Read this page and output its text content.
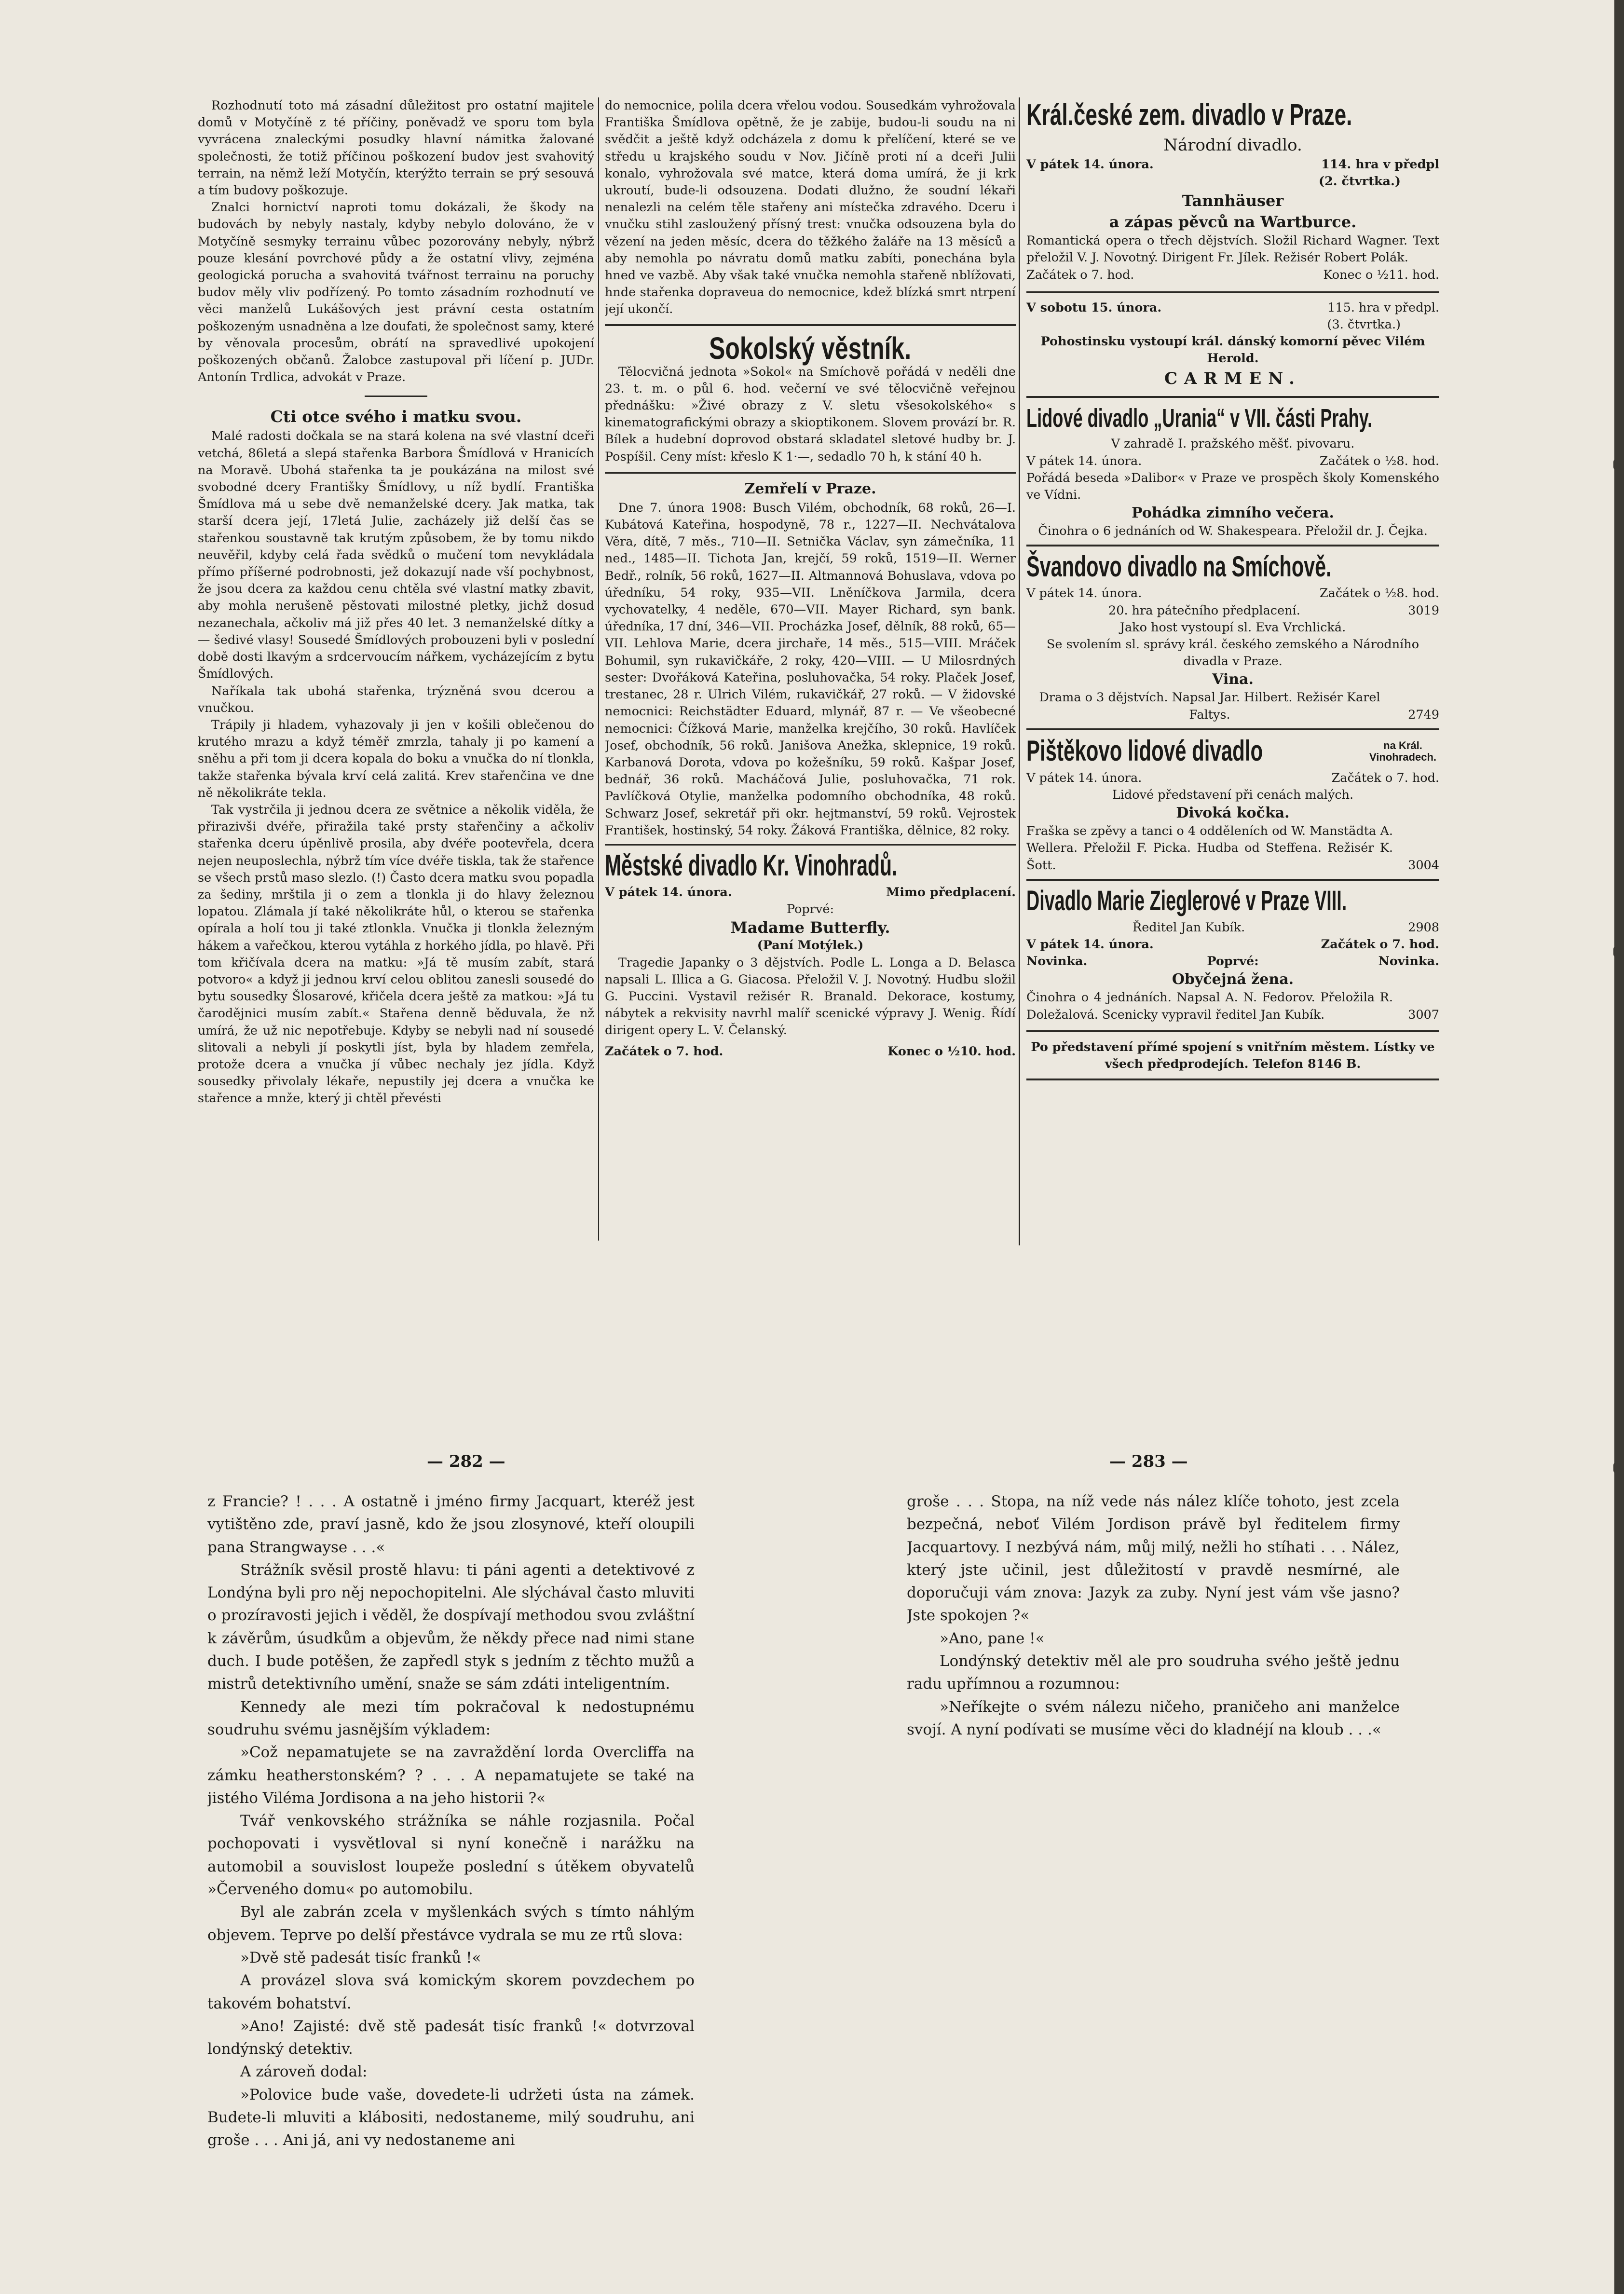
Rozhodnutí toto má zásadní důležitost pro ostatní majitele domů v Motyčíně z té příčiny, poněvadž ve sporu tom byla vyvrácena znaleckými posudky hlavní námitka žalované společnosti, že totiž příčinou poškození budov jest svahovitý terrain, na němž leží Motyčín, kterýžto terrain se prý sesouvá a tím budovy poškozuje.

Znalci hornictví naproti tomu dokázali, že škody na budovách by nebyly nastaly, kdyby nebylo dolováno, že v Motyčíně sesmyky terrainu vůbec pozorovány nebyly, nýbrž pouze klesání povrchové půdy a že ostatní vlivy, zejména geologická porucha a svahovitá tvářnost terrainu na poruchy budov měly vliv podřízený. Po tomto zásadním rozhodnutí ve věci manželů Lukášových jest právní cesta ostatním poškozeným usnadněna a lze doufati, že společnost samy, které by věnovala procesům, obrátí na spravedlivé upokojení poškozených občanů. Žalobce zastupoval při líčení p. JUDr. Antonín Trdlica, advokát v Praze.

Cti otce svého i matku svou.

Malé radosti dočkala se na stará kolena na své vlastní dceři vetchá, 86letá a slepá stařenka Barbora Šmídlová v Hranicích na Moravě. Ubohá stařenka ta je poukázána na milost své svobodné dcery Františky Šmídlovy, u níž bydlí. Františka Šmídlova má u sebe dvě nemanželské dcery. Jak matka, tak starší dcera její, 17letá Julie, zacházely již delší čas se stařenkou soustavně tak krutým způsobem, že by tomu nikdo neuvěřil, kdyby celá řada svědků o mučení tom nevykládala přímo příšerné podrobnosti, jež dokazují nade vší pochybnost, že jsou dcera za každou cenu chtěla své vlastní matky zbavit, aby mohla nerušeně pěstovati milostné pletky, jichž dosud nezanechala, ačkoliv má již přes 40 let. 3 nemanželské dítky a — šedivé vlasy! Sousedé Šmídlových probouzeni byli v poslední době dosti lkavým a srdcervoucím nářkem, vycházejícím z bytu Šmídlových.

Naříkala tak ubohá stařenka, trýzněná svou dcerou a vnučkou.

Trápily ji hladem, vyhazovaly ji jen v košili oblečenou do krutého mrazu a když téměř zmrzla, tahaly ji po kamení a sněhu a při tom ji dcera kopala do boku a vnučka do ní tlonkla, takže stařenka bývala krví celá zalitá. Krev stařenčina ve dne ně několikráte tekla.

Tak vystrčila ji jednou dcera ze světnice a několik viděla, že přirazivši dvéře, přiražila také prsty stařenčiny a ačkoliv stařenka dceru úpěnlivě prosila, aby dvéře pootevřela, dcera nejen neuposlechla, nýbrž tím více dvéře tiskla, tak že stařence se všech prstů maso slezlo. (!) Často dcera matku svou popadla za šediny, mrštila ji o zem a tlonkla ji do hlavy železnou lopatou. Zlámala jí také několikráte hůl, o kterou se stařenka opírala a holí tou ji také ztlonkla. Vnučka ji tlonkla železným hákem a vařečkou, kterou vytáhla z horkého jídla, po hlavě. Při tom křičívala dcera na matku: »Já tě musím zabít, stará potvoro« a když ji jednou krví celou oblitou zanesli sousedé do bytu sousedky Šlosarové, křičela dcera ještě za matkou: »Já tu čarodějnici musím zabít.« Stařena denně běduvala, že nž umírá, že už nic nepotřebuje. Kdyby se nebyli nad ní sousedé slitovali a nebyli jí poskytli jíst, byla by hladem zemřela, protože dcera a vnučka jí vůbec nechaly jez jídla. Když sousedky přivolaly lékaře, nepustily jej dcera a vnučka ke stařence a mnže, který ji chtěl převésti

do nemocnice, polila dcera vřelou vodou. Sousedkám vyhrožovala Františka Šmídlova opětně, že je zabije, budou-li soudu na ni svědčit a ještě když odcházela z domu k přelíčení, které se ve středu u krajského soudu v Nov. Jičíně proti ní a dceři Julii konalo, vyhrožovala své matce, která doma umírá, že ji krk ukroutí, bude-li odsouzena. Dodati dlužno, že soudní lékaři nenalezli na celém těle stařeny ani místečka zdravého. Dceru i vnučku stihl zasloužený přísný trest: vnučka odsouzena byla do vězení na jeden měsíc, dcera do těžkého žaláře na 13 měsíců a aby nemohla po návratu domů matku zabíti, ponechána byla hned ve vazbě. Aby však také vnučka nemohla stařeně nblížovati, hnde stařenka dopraveua do nemocnice, kdež blízká smrt ntrpení její ukončí.

Sokolský věstník.

Tělocvičná jednota »Sokol« na Smíchově pořádá v neděli dne 23. t. m. o půl 6. hod. večerní ve své tělocvičně veřejnou přednášku: »Živé obrazy z V. sletu všesokolského« s kinematografickými obrazy a skioptikonem. Slovem provází br. R. Bílek a hudební doprovod obstará skladatel sletové hudby br. J. Pospíšil. Ceny míst: křeslo K 1·—, sedadlo 70 h, k stání 40 h.

Zemřelí v Praze.

Dne 7. února 1908: Busch Vilém, obchodník, 68 roků, 26—I. Kubátová Kateřina, hospodyně, 78 r., 1227—II. Nechvátalova Věra, dítě, 7 měs., 710—II. Setnička Václav, syn zámečníka, 11 ned., 1485—II. Tichota Jan, krejčí, 59 roků, 1519—II. Werner Bedř., rolník, 56 roků, 1627—II. Altmannová Bohuslava, vdova po úředníku, 54 roky, 935—VII. Lněníčkova Jarmila, dcera vychovatelky, 4 neděle, 670—VII. Mayer Richard, syn bank. úředníka, 17 dní, 346—VII. Procházka Josef, dělník, 88 roků, 65—VII. Lehlova Marie, dcera jirchaře, 14 měs., 515—VIII. Mráček Bohumil, syn rukavičkáře, 2 roky, 420—VIII. — U Milosrdných sester: Dvořáková Kateřina, posluhovačka, 54 roky. Plaček Josef, trestanec, 28 r. Ulrich Vilém, rukavičkář, 27 roků. — V židovské nemocnici: Reichstädter Eduard, mlynář, 87 r. — Ve všeobecné nemocnici: Čížková Marie, manželka krejčího, 30 roků. Havlíček Josef, obchodník, 56 roků. Janišova Anežka, sklepnice, 19 roků. Karbanová Dorota, vdova po kožešníku, 59 roků. Kašpar Josef, bednář, 36 roků. Macháčová Julie, posluhovačka, 71 rok. Pavlíčková Otylie, manželka podomního obchodníka, 48 roků. Schwarz Josef, sekretář při okr. hejtmanství, 59 roků. Vejrostek František, hostinský, 54 roky. Žáková Františka, dělnice, 82 roky.

Městské divadlo Kr. Vinohradů.
V pátek 14. února.	Mimo předplacení.

Poprvé:

Madame Butterfly.

(Paní Motýlek.)

Tragedie Japanky o 3 dějstvích. Podle L. Longa a D. Belasca napsali L. Illica a G. Giacosa. Přeložil V. J. Novotný. Hudbu složil G. Puccini. Vystavil režisér R. Branald. Dekorace, kostumy, nábytek a rekvisity navrhl malíř scenické výpravy J. Wenig. Řídí dirigent opery L. V. Čelanský.

Začátek o 7. hod.	Konec o ½10. hod.
Král.české zem. divadlo v Praze.

Národní divadlo.

V pátek 14. února.	114. hra v předpl
(2. čtvrtka.)

Tannhäuser

a zápas pěvců na Wartburce.

Romantická opera o třech dějstvích. Složil Richard Wagner. Text přeložil V. J. Novotný. Dirigent Fr. Jílek. Režisér Robert Polák.

Začátek o 7. hod.	Konec o ½11. hod.
V sobotu 15. února.	115. hra v předpl.
(3. čtvrtka.)

Pohostinsku vystoupí král. dánský komorní pěvec Vilém Herold.

CARMEN.

Lidové divadlo „Urania“ v VII. části Prahy.

V zahradě I. pražského měšť. pivovaru.

V pátek 14. února.	Začátek o ½8. hod.

Pořádá beseda »Dalibor« v Praze ve prospěch školy Komenského ve Vídni.

Pohádka zimního večera.

Činohra o 6 jednáních od W. Shakespeara. Přeložil dr. J. Čejka.

Švandovo divadlo na Smíchově.
V pátek 14. února.	Začátek o ½8. hod.
20. hra pátečního předplacení.	3019

Jako host vystoupí sl. Eva Vrchlická.

Se svolením sl. správy král. českého zemského a Národního divadla v Praze.

Vina.

Drama o 3 dějstvích. Napsal Jar. Hilbert. Režisér Karel Faltys.	2749
Pištěkovo lidové divadlo	na Král.
Vinohradech.
V pátek 14. února.	Začátek o 7. hod.

Lidové představení při cenách malých.

Divoká kočka.

Fraška se zpěvy a tanci o 4 odděleních od W. Manstädta A. Wellera. Přeložil F. Picka. Hudba od Steffena. Režisér K. Šott.	3004
Divadlo Marie Zieglerové v Praze VIII.
Ředitel Jan Kubík.	2908
V pátek 14. února.	Začátek o 7. hod.
Novinka.	Poprvé:	Novinka.

Obyčejná žena.

Činohra o 4 jednáních. Napsal A. N. Fedorov. Přeložila R. Doležalová. Scenicky vypravil ředitel Jan Kubík.	3007

Po představení přímé spojení s vnitřním městem. Lístky ve všech předprodejích. Telefon 8146 B.

— 282 —	— 283 —

z Francie? ! . . . A ostatně i jméno firmy Jacquart, kteréž jest vytištěno zde, praví jasně, kdo že jsou zlosynové, kteří oloupili pana Strangwayse . . .«

Strážník svěsil prostě hlavu: ti páni agenti a detektivové z Londýna byli pro něj nepochopitelni. Ale slýchával často mluviti o prozíravosti jejich i věděl, že dospívají methodou svou zvláštní k závěrům, úsudkům a objevům, že někdy přece nad nimi stane duch. I bude potěšen, že zapředl styk s jedním z těchto mužů a mistrů detektivního umění, snaže se sám zdáti inteligentním.

Kennedy ale mezi tím pokračoval k nedostupnému soudruhu svému jasnějším výkladem:

»Což nepamatujete se na zavraždění lorda Overcliffa na zámku heatherstonském? ? . . . A nepamatujete se také na jistého Viléma Jordisona a na jeho historii ?«

Tvář venkovského strážníka se náhle rozjasnila. Počal pochopovati i vysvětloval si nyní konečně i narážku na automobil a souvislost loupeže poslední s útěkem obyvatelů »Červeného domu« po automobilu.

Byl ale zabrán zcela v myšlenkách svých s tímto náhlým objevem. Teprve po delší přestávce vydrala se mu ze rtů slova:

»Dvě stě padesát tisíc franků !«

A provázel slova svá komickým skorem povzdechem po takovém bohatství.

»Ano! Zajisté: dvě stě padesát tisíc franků !« dotvrzoval londýnský detektiv.

A zároveň dodal:

»Polovice bude vaše, dovedete-li udržeti ústa na zámek. Budete-li mluviti a klábositi, nedostaneme, milý soudruhu, ani groše . . . Ani já, ani vy nedostaneme ani

groše . . . Stopa, na níž vede nás nález klíče tohoto, jest zcela bezpečná, neboť Vilém Jordison právě byl ředitelem firmy Jacquartovy. I nezbývá nám, můj milý, nežli ho stíhati . . . Nález, který jste učinil, jest důležitostí v pravdě nesmírné, ale doporučuji vám znova: Jazyk za zuby. Nyní jest vám vše jasno? Jste spokojen ?«

»Ano, pane !«

Londýnský detektiv měl ale pro soudruha svého ještě jednu radu upřímnou a rozumnou:

»Neříkejte o svém nálezu ničeho, praničeho ani manželce svojí. A nyní podívati se musíme věci do kladnéjí na kloub . . .«
